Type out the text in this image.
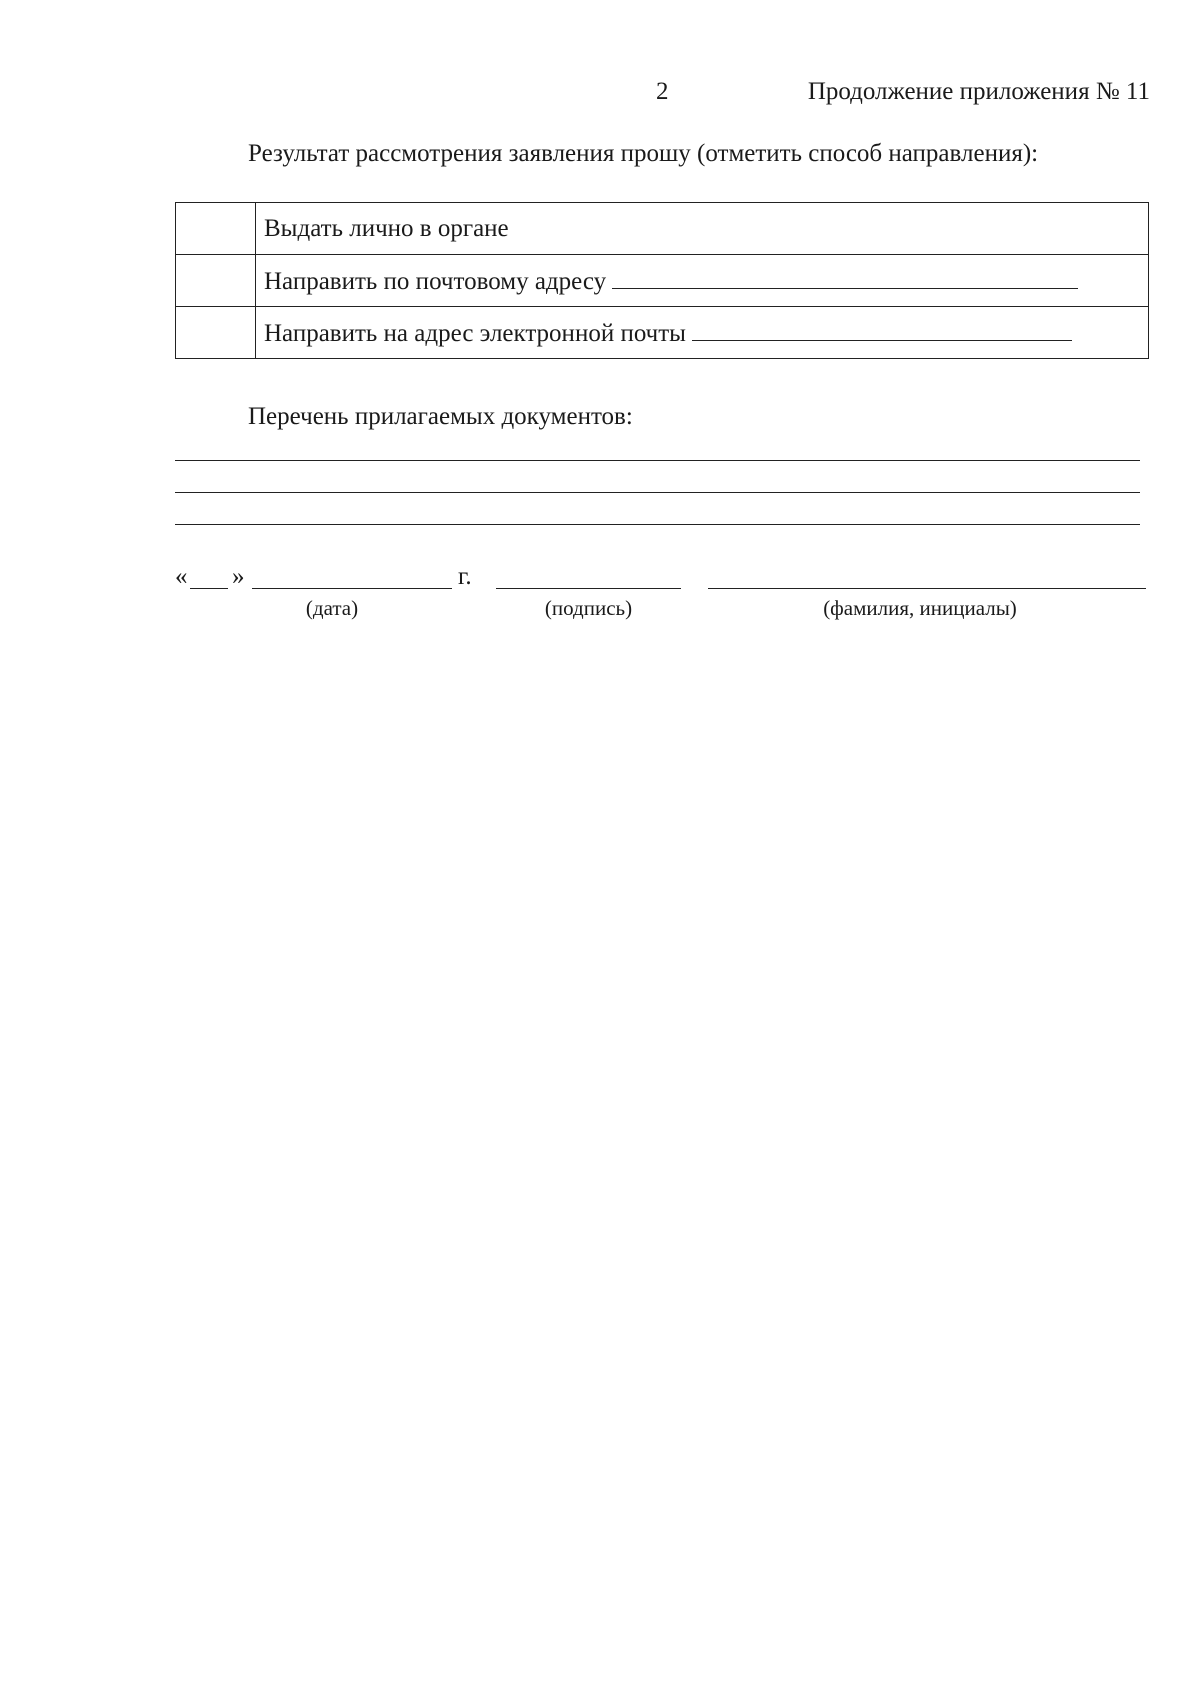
2	Продолжение приложения № 11
Результат рассмотрения заявления прошу (отметить способ направления):
	Выдать лично в органе
	Направить по почтовому адресу
	Направить на адрес электронной почты
Перечень прилагаемых документов:
« »	г.
(дата)	(подпись)	(фамилия, инициалы)
